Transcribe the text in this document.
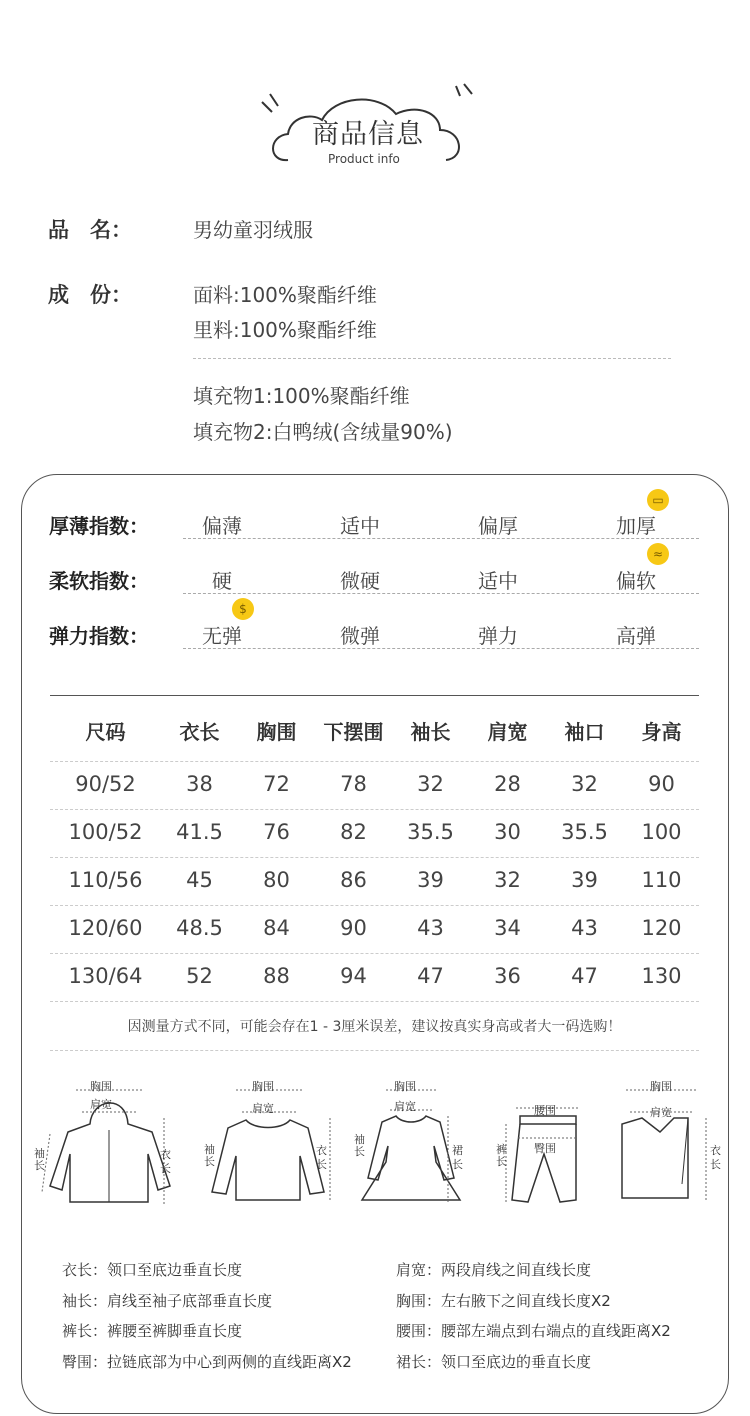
商品信息
Product info
品　名：	男幼童羽绒服
成　份：	面料:100%聚酯纤维
里料:100%聚酯纤维
填充物1:100%聚酯纤维
填充物2:白鸭绒(含绒量90%)
厚薄指数：	偏薄	适中	偏厚	加厚
▭
柔软指数：	硬	微硬	适中	偏软
≈
弹力指数：	无弹	微弹	弹力	高弹
$
尺码	衣长	胸围	下摆围	袖长	肩宽	袖口	身高
90/52	38	72	78	32	28	32	90
100/52	41.5	76	82	35.5	30	35.5	100
110/56	45	80	86	39	32	39	110
120/60	48.5	84	90	43	34	43	120
130/64	52	88	94	47	36	47	130
因测量方式不同，可能会存在1 - 3厘米误差，建议按真实身高或者大一码选购！
胸围
肩宽
袖长
衣长
胸围
肩宽
袖长
衣长
胸围
肩宽
袖长	裙长
腰围
臀围
裤长
胸围
肩宽
衣长
衣长：领口至底边垂直长度	肩宽：两段肩线之间直线长度
袖长：肩线至袖子底部垂直长度	胸围：左右腋下之间直线长度X2
裤长：裤腰至裤脚垂直长度	腰围：腰部左端点到右端点的直线距离X2
臀围：拉链底部为中心到两侧的直线距离X2	裙长：领口至底边的垂直长度
